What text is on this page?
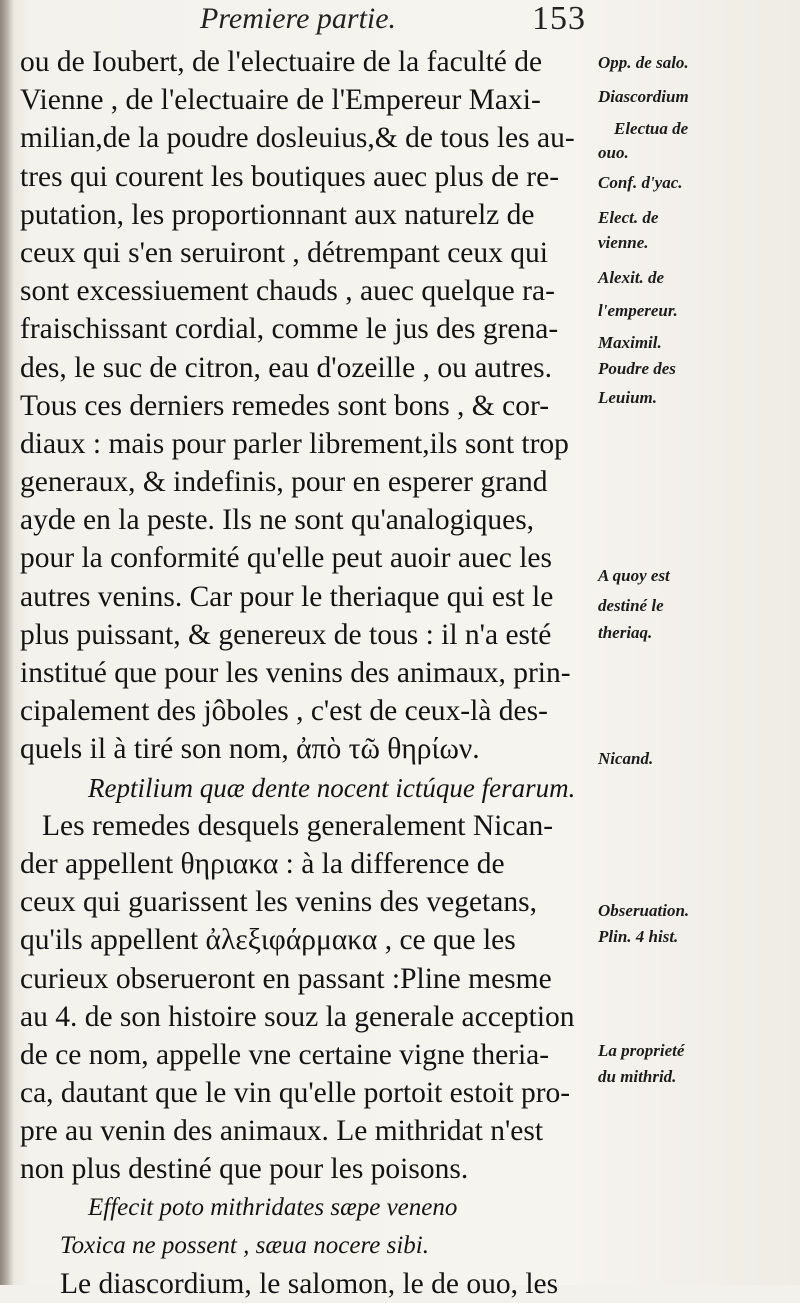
Premiere partie.	153
ou de Ioubert, de l'electuaire de la faculté de
Vienne , de l'electuaire de l'Empereur Maxi-
milian,de la poudre dosleuius,& de tous les au-
tres qui courent les boutiques auec plus de re-
putation, les proportionnant aux naturelz de
ceux qui s'en seruiront , détrempant ceux qui
sont excessiuement chauds , auec quelque ra-
fraischissant cordial, comme le jus des grena-
des, le suc de citron, eau d'ozeille , ou autres.
Tous ces derniers remedes sont bons , & cor-
diaux : mais pour parler librement,ils sont trop
generaux, & indefinis, pour en esperer grand
ayde en la peste. Ils ne sont qu'analogiques,
pour la conformité qu'elle peut auoir auec les
autres venins. Car pour le theriaque qui est le
plus puissant, & genereux de tous : il n'a esté
institué que pour les venins des animaux, prin-
cipalement des jôboles , c'est de ceux-là des-
quels il à tiré son nom, ἀπὸ τῶ θηρίων.
Reptilium quæ dente nocent ictúque ferarum.
Les remedes desquels generalement Nican-
der appellent θηριακα : à la difference de
ceux qui guarissent les venins des vegetans,
qu'ils appellent ἀλεξιφάρμακα , ce que les
curieux obserueront en passant :Pline mesme
au 4. de son histoire souz la generale acception
de ce nom, appelle vne certaine vigne theria-
ca, dautant que le vin qu'elle portoit estoit pro-
pre au venin des animaux. Le mithridat n'est
non plus destiné que pour les poisons.
Effecit poto mithridates sæpe veneno
Toxica ne possent , sæua nocere sibi.
Le diascordium, le salomon, le de ouo, les
Opp. de salo.
Diascordium
Electua de
ouo.
Conf. d'yac.
Elect. de
vienne.
Alexit. de
l'empereur.
Maximil.
Poudre des
Leuium.
A quoy est
destiné le
theriaq.
Nicand.
Obseruation.
Plin. 4 hist.
La proprieté
du mithrid.
